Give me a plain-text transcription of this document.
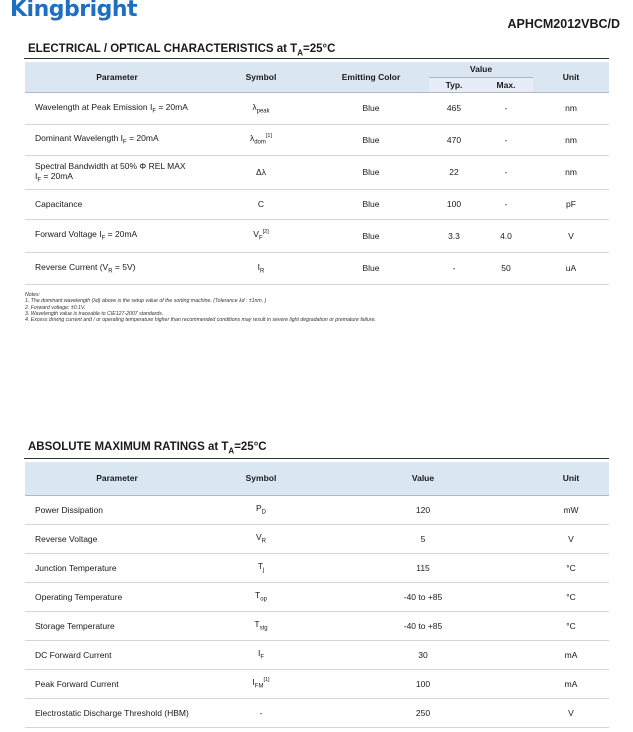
Kingbright
APHCM2012VBC/D
ELECTRICAL / OPTICAL CHARACTERISTICS at $T_A=25^\circ C$
Parameter	Symbol	Emitting Color	Value		Unit
			Typ.	Max.	
Wavelength at Peak Emission $I_F = 20mA$	$\lambda_{peak}$	Blue	465	-	nm
Dominant Wavelength $I_F = 20mA$	$\lambda_{dom}[1]$	Blue	470	-	nm

Spectral Bandwidth at 50% Φ REL MAX
$I_F = 20mA$	Δλ	Blue	22	-	nm
Capacitance	C	Blue	100	-	pF
Forward Voltage $I_F = 20mA$	$V_F[2]$	Blue	3.3	4.0	V
Reverse Current $(V_R = 5V)$	$I_R$	Blue	-	50	uA
Notes:
1. The dominant wavelength (λd) above is the setup value of the sorting machine. (Tolerance λd : ±1nm. )
2. Forward voltage: ±0.1V.
3. Wavelength value is traceable to CIE127-2007 standards.
4. Excess driving current and / or operating temperature higher than recommended conditions may result in severe light degradation or premature failure.
ABSOLUTE MAXIMUM RATINGS at $T_A=25^\circ C$
Parameter	Symbol	Value	Unit
Power Dissipation	$P_D$	120	mW
Reverse Voltage	$V_R$	5	V
Junction Temperature	$T_j$	115	°C
Operating Temperature	$T_{op}$	-40 to +85	°C
Storage Temperature	$T_{stg}$	-40 to +85	°C
DC Forward Current	$I_F$	30	mA
Peak Forward Current	$I_{FM}[1]$	100	mA
Electrostatic Discharge Threshold (HBM)	-	250	V
